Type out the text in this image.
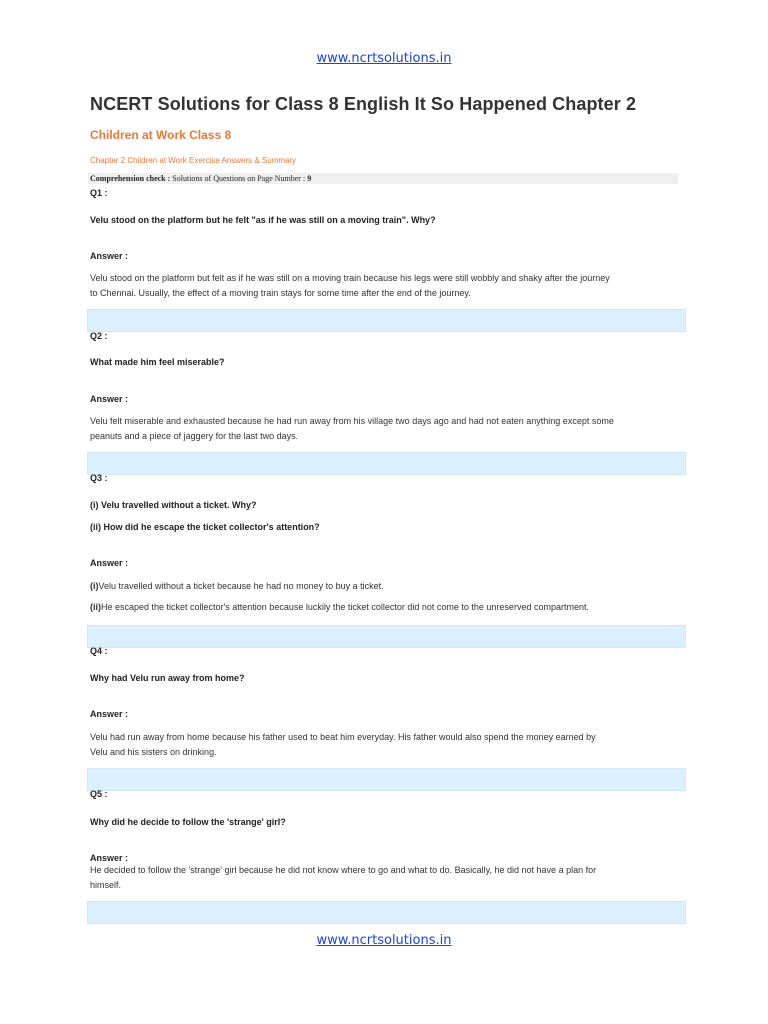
www.ncrtsolutions.in
NCERT Solutions for Class 8 English It So Happened Chapter 2
Children at Work Class 8
Chapter 2 Children at Work Exercise Answers & Summary
Comprehension check : Solutions of Questions on Page Number : 9
Q1 :
Velu stood on the platform but he felt "as if he was still on a moving train". Why?
Answer :
Velu stood on the platform but felt as if he was still on a moving train because his legs were still wobbly and shaky after the journey
to Chennai. Usually, the effect of a moving train stays for some time after the end of the journey.
Q2 :
What made him feel miserable?
Answer :
Velu felt miserable and exhausted because he had run away from his village two days ago and had not eaten anything except some
peanuts and a piece of jaggery for the last two days.
Q3 :
(i) Velu travelled without a ticket. Why?
(ii) How did he escape the ticket collector's attention?
Answer :
(i)Velu travelled without a ticket because he had no money to buy a ticket.
(ii)He escaped the ticket collector's attention because luckily the ticket collector did not come to the unreserved compartment.
Q4 :
Why had Velu run away from home?
Answer :
Velu had run away from home because his father used to beat him everyday. His father would also spend the money earned by
Velu and his sisters on drinking.
Q5 :
Why did he decide to follow the 'strange' girl?
Answer :
He decided to follow the 'strange' girl because he did not know where to go and what to do. Basically, he did not have a plan for
himself.
www.ncrtsolutions.in
